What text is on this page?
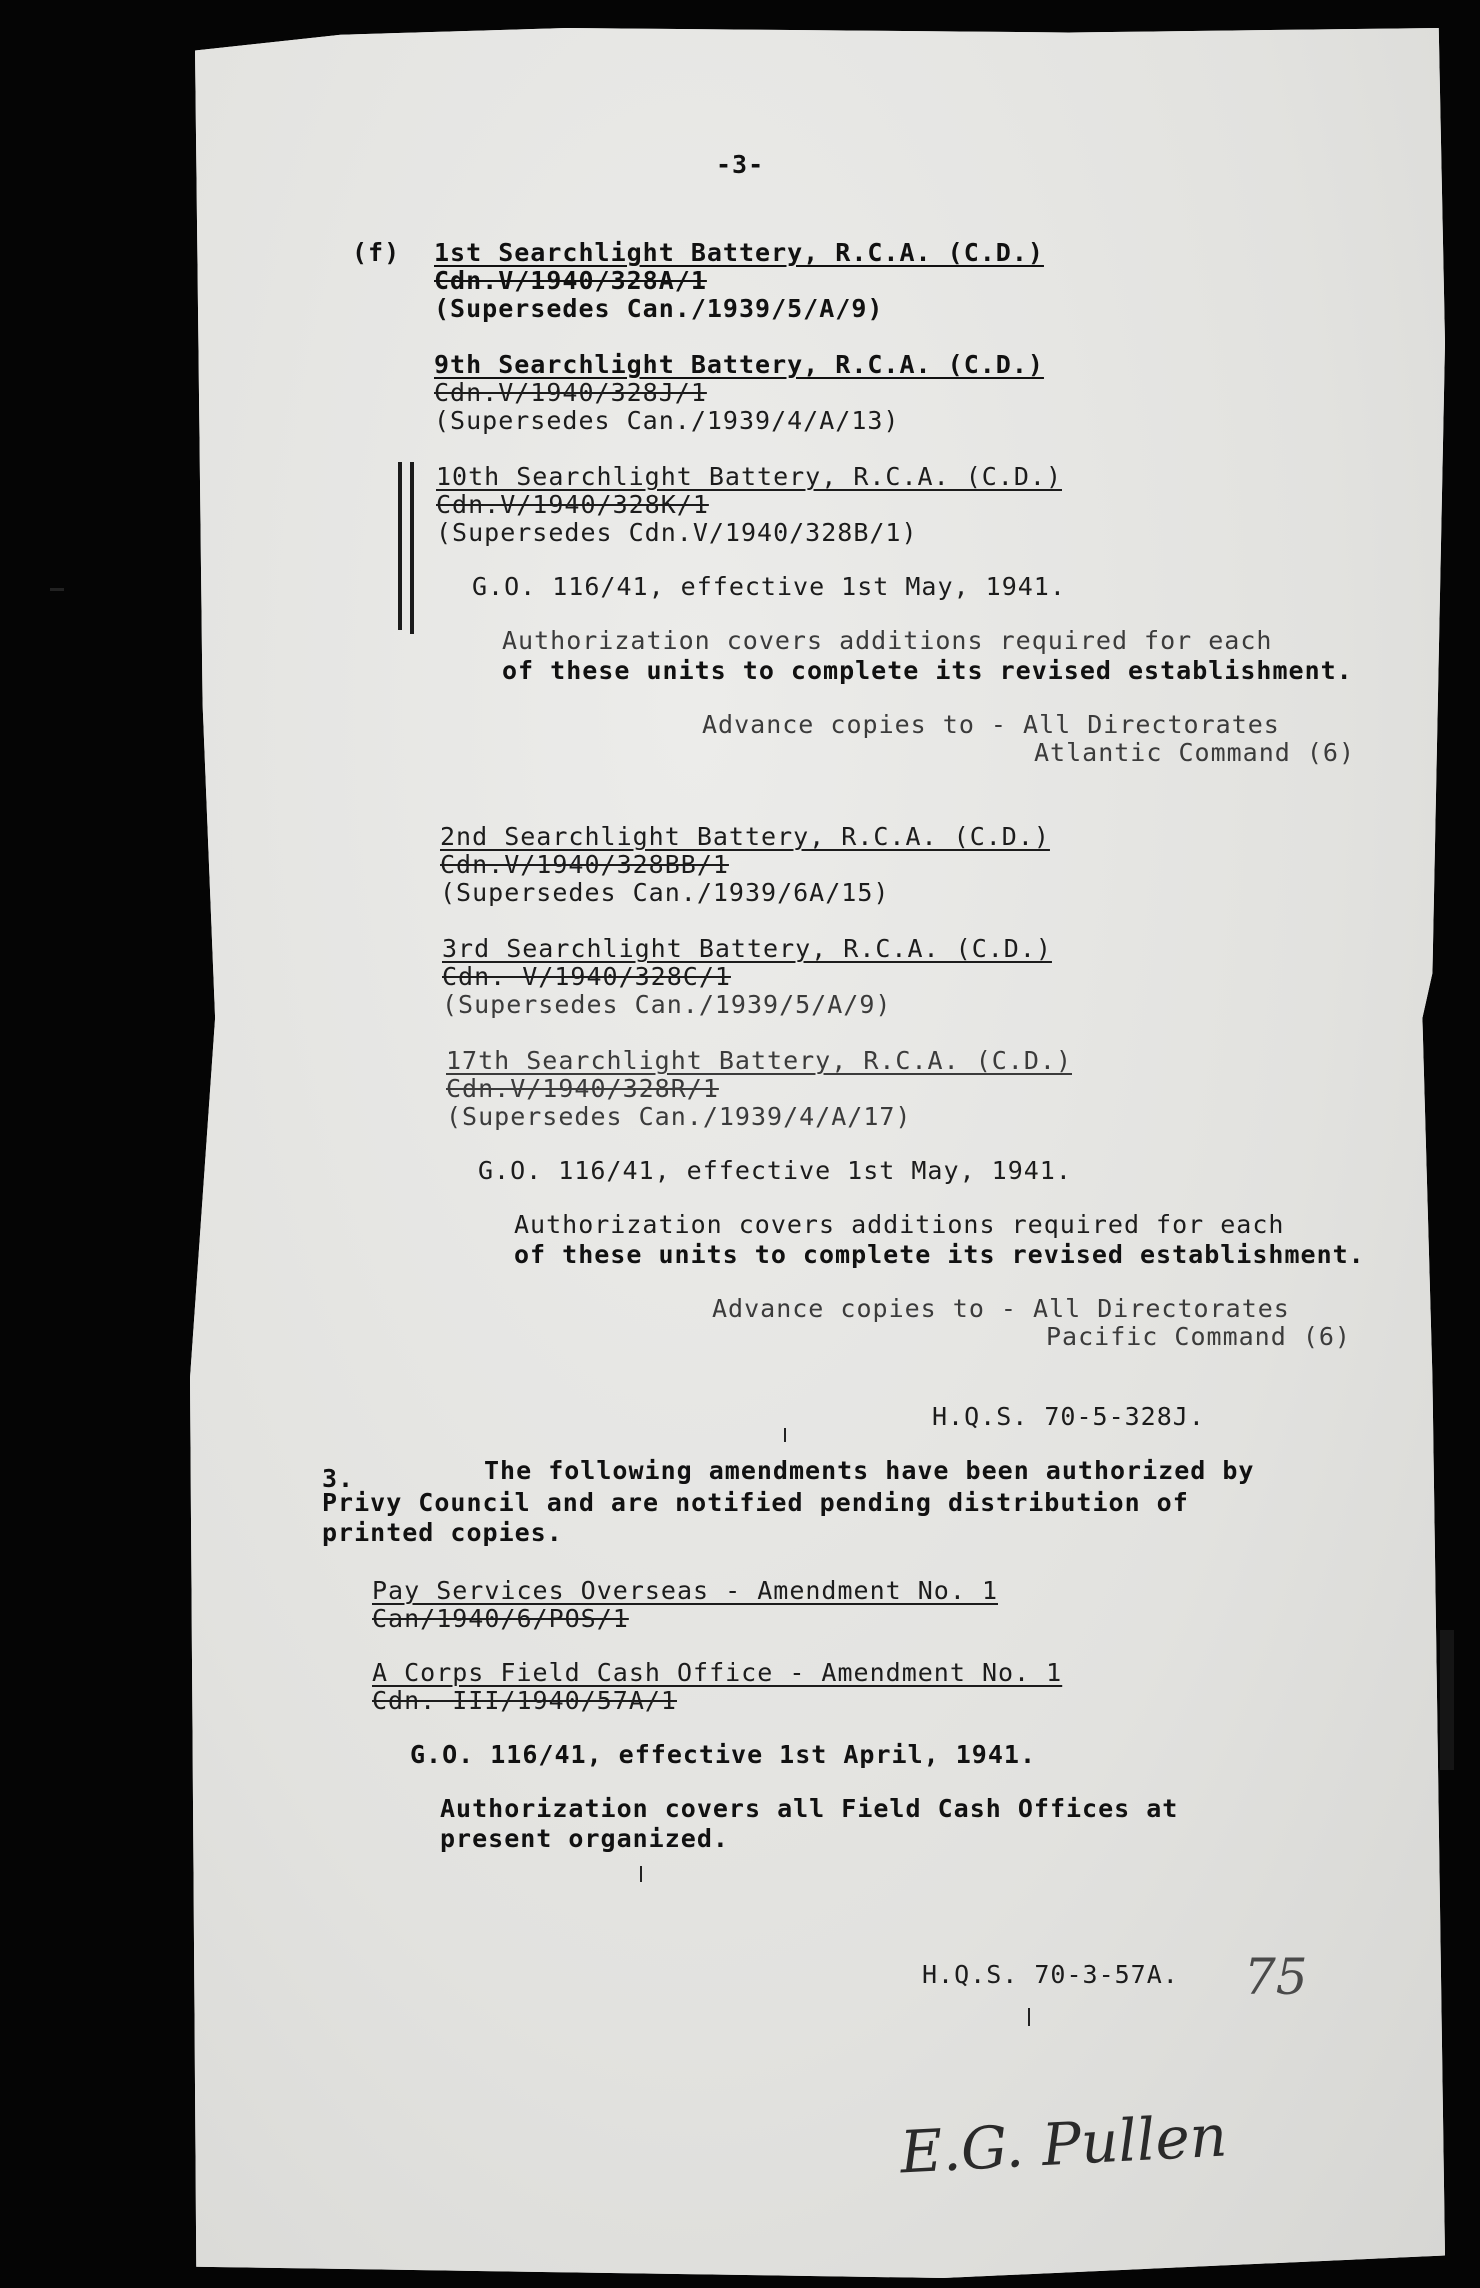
-3-
(f) 1st Searchlight Battery, R.C.A. (C.D.)
Cdn.V/1940/328A/1
(Supersedes Can./1939/5/A/9)
9th Searchlight Battery, R.C.A. (C.D.)
Cdn.V/1940/328J/1
(Supersedes Can./1939/4/A/13)
10th Searchlight Battery, R.C.A. (C.D.)
Cdn.V/1940/328K/1
(Supersedes Cdn.V/1940/328B/1)
G.O. 116/41, effective 1st May, 1941.
Authorization covers additions required for each
of these units to complete its revised establishment.
Advance copies to - All Directorates
Atlantic Command (6)
2nd Searchlight Battery, R.C.A. (C.D.)
Cdn.V/1940/328BB/1
(Supersedes Can./1939/6A/15)
3rd Searchlight Battery, R.C.A. (C.D.)
Cdn. V/1940/328C/1
(Supersedes Can./1939/5/A/9)
17th Searchlight Battery, R.C.A. (C.D.)
Cdn.V/1940/328R/1
(Supersedes Can./1939/4/A/17)
G.O. 116/41, effective 1st May, 1941.
Authorization covers additions required for each
of these units to complete its revised establishment.
Advance copies to - All Directorates
Pacific Command (6)
H.Q.S. 70-5-328J.
3.	The following amendments have been authorized by
Privy Council and are notified pending distribution of
printed copies.
Pay Services Overseas - Amendment No. 1
Can/1940/6/POS/1
A Corps Field Cash Office - Amendment No. 1
Cdn. III/1940/57A/1
G.O. 116/41, effective 1st April, 1941.
Authorization covers all Field Cash Offices at
present organized.
H.Q.S. 70-3-57A. 75
E.G. Pullen
